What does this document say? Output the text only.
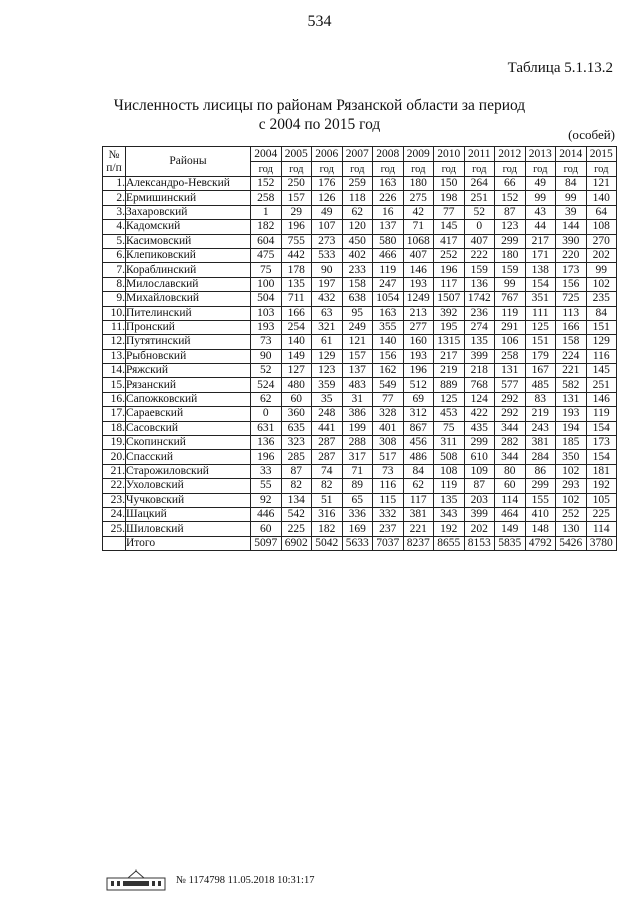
534
Таблица 5.1.13.2
Численность лисицы по районам Рязанской области за период
с 2004 по 2015 год
(особей)
№
п/п	Районы	2004	2005	2006	2007	2008	2009	2010	2011	2012	2013	2014	2015
		год	год	год	год	год	год	год	год	год	год	год	год
1.	Александро-Невский	152	250	176	259	163	180	150	264	66	49	84	121
2.	Ермишинский	258	157	126	118	226	275	198	251	152	99	99	140
3.	Захаровский	1	29	49	62	16	42	77	52	87	43	39	64
4.	Кадомский	182	196	107	120	137	71	145	0	123	44	144	108
5.	Касимовский	604	755	273	450	580	1068	417	407	299	217	390	270
6.	Клепиковский	475	442	533	402	466	407	252	222	180	171	220	202
7.	Кораблинский	75	178	90	233	119	146	196	159	159	138	173	99
8.	Милославский	100	135	197	158	247	193	117	136	99	154	156	102
9.	Михайловский	504	711	432	638	1054	1249	1507	1742	767	351	725	235
10.	Пителинский	103	166	63	95	163	213	392	236	119	111	113	84
11.	Пронский	193	254	321	249	355	277	195	274	291	125	166	151
12.	Путятинский	73	140	61	121	140	160	1315	135	106	151	158	129
13.	Рыбновский	90	149	129	157	156	193	217	399	258	179	224	116
14.	Ряжский	52	127	123	137	162	196	219	218	131	167	221	145
15.	Рязанский	524	480	359	483	549	512	889	768	577	485	582	251
16.	Сапожковский	62	60	35	31	77	69	125	124	292	83	131	146
17.	Сараевский	0	360	248	386	328	312	453	422	292	219	193	119
18.	Сасовский	631	635	441	199	401	867	75	435	344	243	194	154
19.	Скопинский	136	323	287	288	308	456	311	299	282	381	185	173
20.	Спасский	196	285	287	317	517	486	508	610	344	284	350	154
21.	Старожиловский	33	87	74	71	73	84	108	109	80	86	102	181
22.	Ухоловский	55	82	82	89	116	62	119	87	60	299	293	192
23.	Чучковский	92	134	51	65	115	117	135	203	114	155	102	105
24.	Шацкий	446	542	316	336	332	381	343	399	464	410	252	225
25.	Шиловский	60	225	182	169	237	221	192	202	149	148	130	114
	Итого	5097	6902	5042	5633	7037	8237	8655	8153	5835	4792	5426	3780
№ 1174798 11.05.2018 10:31:17
